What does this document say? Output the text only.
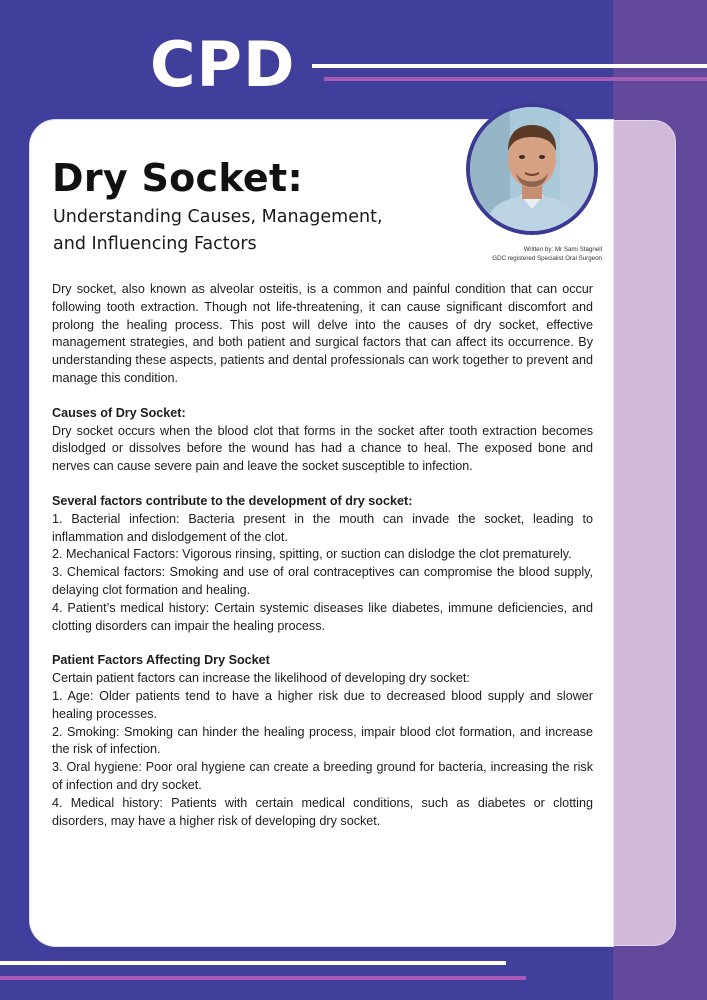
CPD
Written by: Mr Sami Stagnell
GDC registered Specialist Oral Surgeon
Dry Socket:
Understanding Causes, Management,
and Influencing Factors

Dry socket, also known as alveolar osteitis, is a common and painful condition that can occur following tooth extraction. Though not life-threatening, it can cause significant discomfort and prolong the healing process. This post will delve into the causes of dry socket, effective management strategies, and both patient and surgical factors that can affect its occurrence. By understanding these aspects, patients and dental professionals can work together to prevent and manage this condition.

Causes of Dry Socket:

Dry socket occurs when the blood clot that forms in the socket after tooth extraction becomes dislodged or dissolves before the wound has had a chance to heal. The exposed bone and nerves can cause severe pain and leave the socket susceptible to infection.

Several factors contribute to the development of dry socket:

1. Bacterial infection: Bacteria present in the mouth can invade the socket, leading to inflammation and dislodgement of the clot.

2. Mechanical Factors: Vigorous rinsing, spitting, or suction can dislodge the clot prematurely.

3. Chemical factors: Smoking and use of oral contraceptives can compromise the blood supply, delaying clot formation and healing.

4. Patient’s medical history: Certain systemic diseases like diabetes, immune deficiencies, and clotting disorders can impair the healing process.

Patient Factors Affecting Dry Socket

Certain patient factors can increase the likelihood of developing dry socket:

1. Age: Older patients tend to have a higher risk due to decreased blood supply and slower healing processes.

2. Smoking: Smoking can hinder the healing process, impair blood clot formation, and increase the risk of infection.

3. Oral hygiene: Poor oral hygiene can create a breeding ground for bacteria, increasing the risk of infection and dry socket.

4. Medical history: Patients with certain medical conditions, such as diabetes or clotting disorders, may have a higher risk of developing dry socket.
